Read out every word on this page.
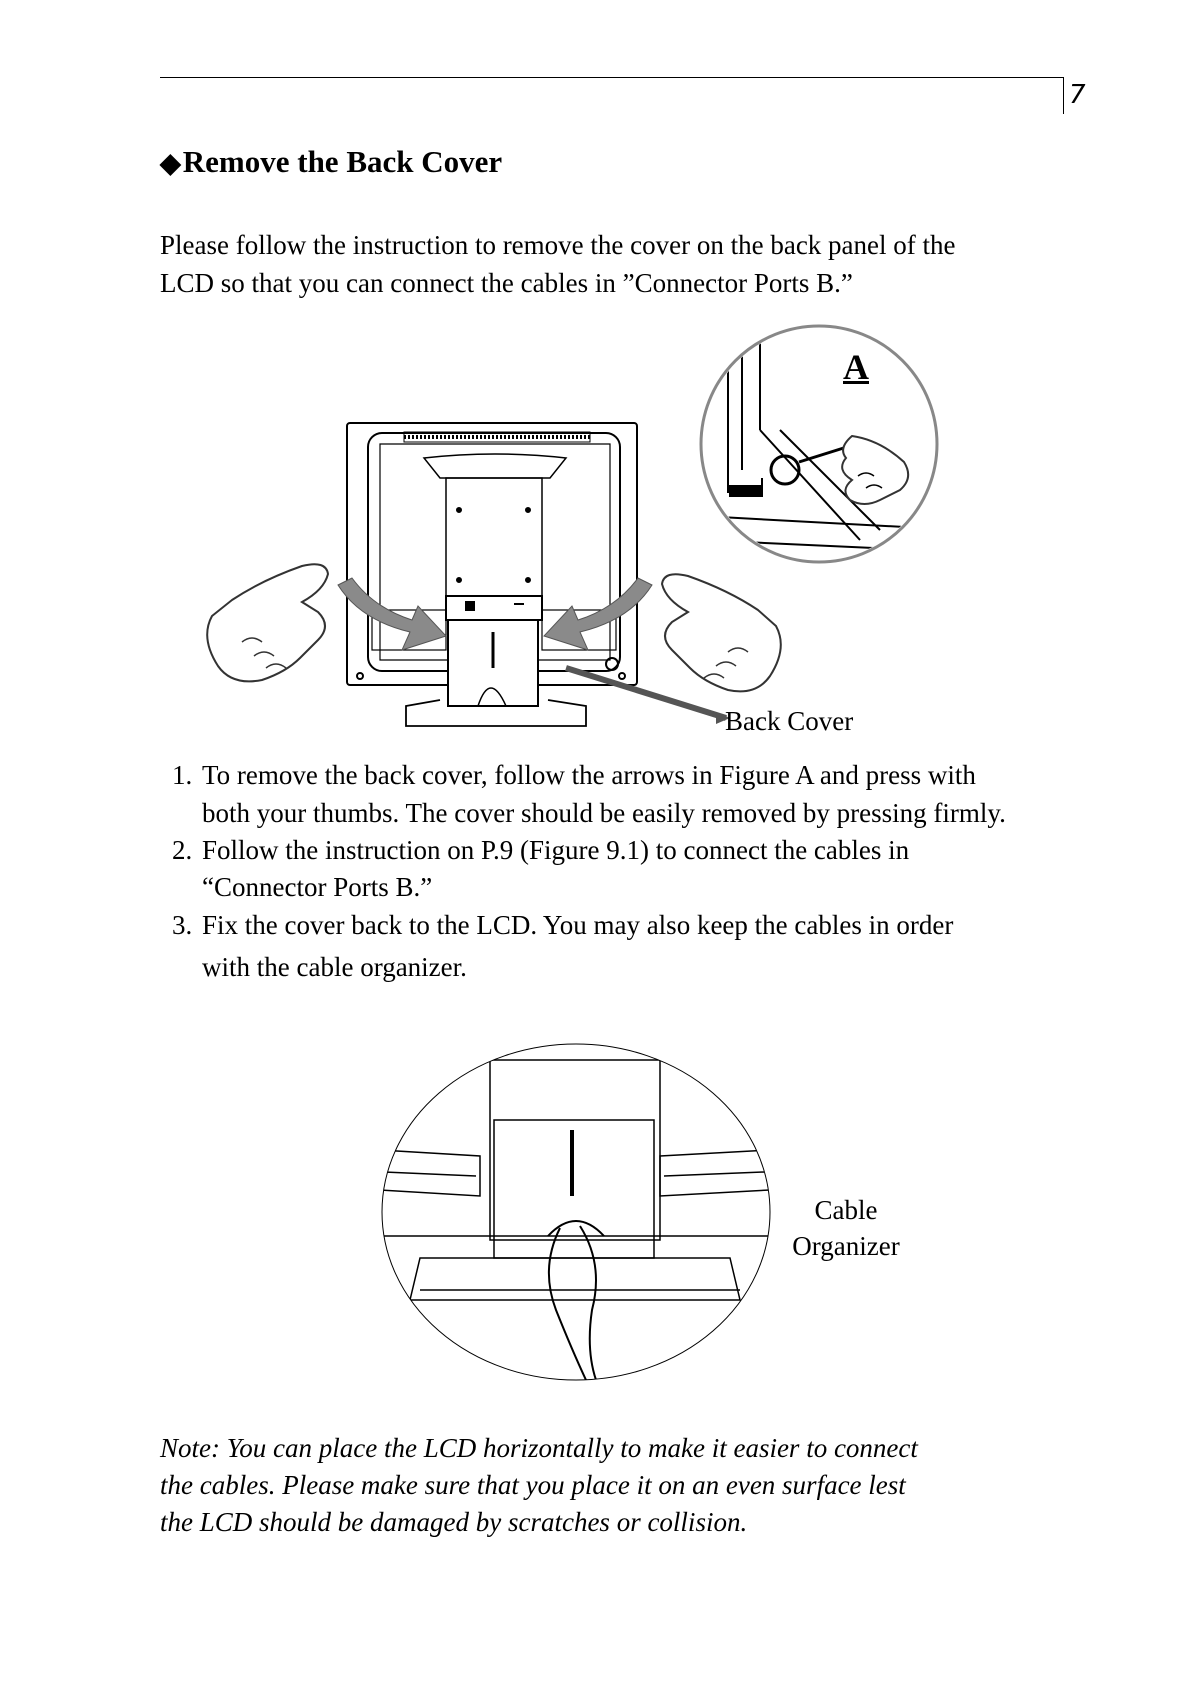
7
◆Remove the Back Cover
Please follow the instruction to remove the cover on the back panel of the
LCD so that you can connect the cables in ”Connector Ports B.”
A
Back Cover
1. To remove the back cover, follow the arrows in Figure A and press with
both your thumbs. The cover should be easily removed by pressing firmly.
2. Follow the instruction on P.9 (Figure 9.1) to connect the cables in
“Connector Ports B.”
3. Fix the cover back to the LCD. You may also keep the cables in order
with the cable organizer.
Cable
Organizer
Note: You can place the LCD horizontally to make it easier to connect
the cables. Please make sure that you place it on an even surface lest
the LCD should be damaged by scratches or collision.
